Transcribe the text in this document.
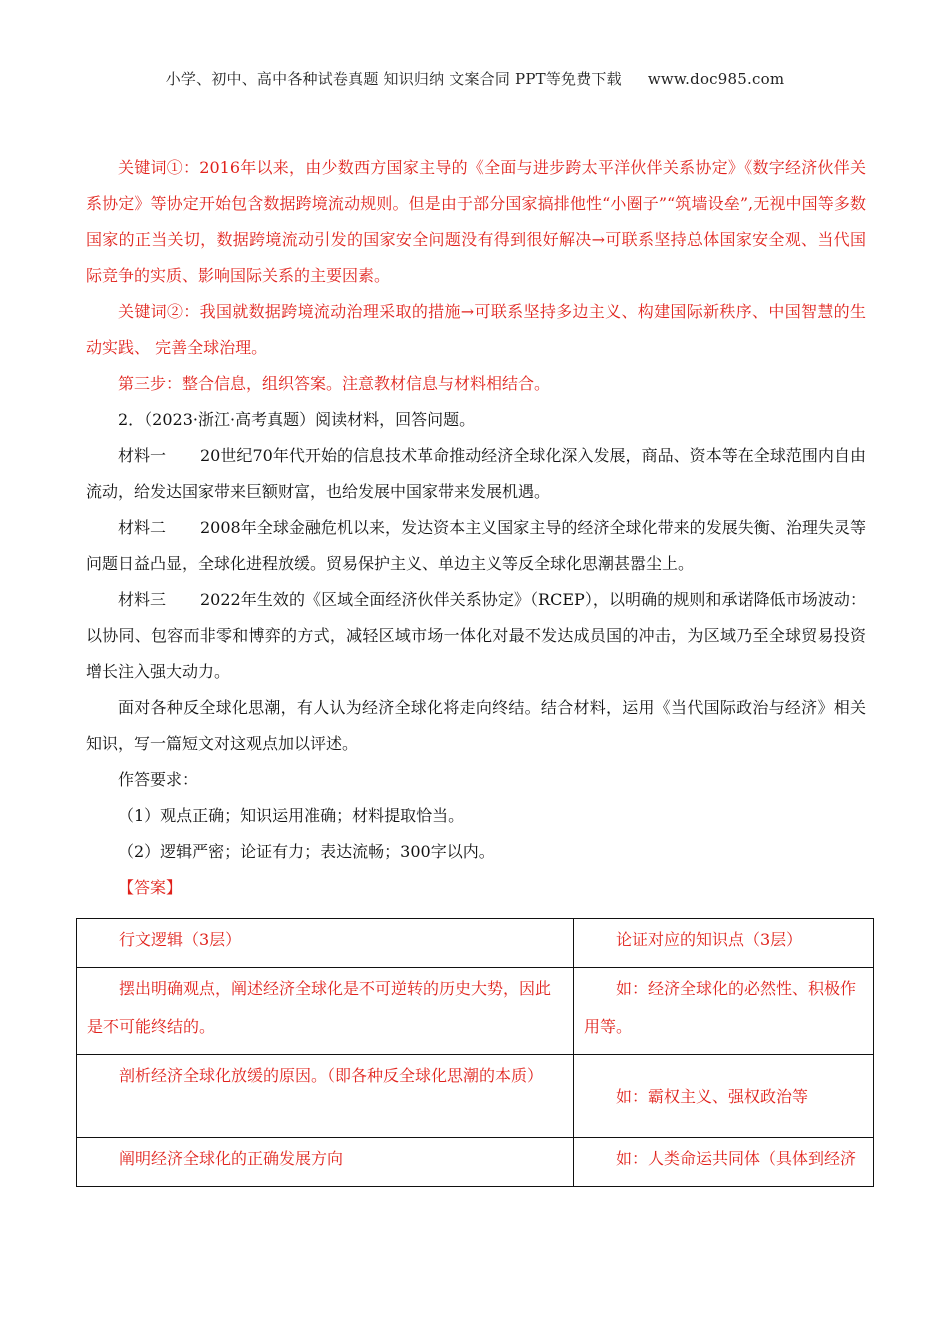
小学、初中、高中各种试卷真题 知识归纳 文案合同 PPT等免费下载 www.doc985.com

关键词①：2016年以来，由少数西方国家主导的《全面与进步跨太平洋伙伴关系协定》《数字经济伙伴关系协定》等协定开始包含数据跨境流动规则。但是由于部分国家搞排他性“小圈子”“筑墙设垒”,无视中国等多数国家的正当关切，数据跨境流动引发的国家安全问题没有得到很好解决→可联系坚持总体国家安全观、当代国际竞争的实质、影响国际关系的主要因素。

关键词②：我国就数据跨境流动治理采取的措施→可联系坚持多边主义、构建国际新秩序、中国智慧的生动实践、 完善全球治理。

第三步：整合信息，组织答案。注意教材信息与材料相结合。

2．（2023·浙江·高考真题）阅读材料，回答问题。

材料一 20世纪70年代开始的信息技术革命推动经济全球化深入发展，商品、资本等在全球范围内自由流动，给发达国家带来巨额财富，也给发展中国家带来发展机遇。

材料二 2008年全球金融危机以来，发达资本主义国家主导的经济全球化带来的发展失衡、治理失灵等问题日益凸显，全球化进程放缓。贸易保护主义、单边主义等反全球化思潮甚嚣尘上。

材料三 2022年生效的《区域全面经济伙伴关系协定》（RCEP），以明确的规则和承诺降低市场波动：以协同、包容而非零和博弈的方式，减轻区域市场一体化对最不发达成员国的冲击，为区域乃至全球贸易投资增长注入强大动力。

面对各种反全球化思潮，有人认为经济全球化将走向终结。结合材料，运用《当代国际政治与经济》相关知识，写一篇短文对这观点加以评述。

作答要求：

（1）观点正确；知识运用准确；材料提取恰当。

（2）逻辑严密；论证有力；表达流畅；300字以内。

【答案】

行文逻辑（3层）	论证对应的知识点（3层）

摆出明确观点，阐述经济全球化是不可逆转的历史大势，因此是不可能终结的。	如：经济全球化的必然性、积极作用等。

剖析经济全球化放缓的原因。（即各种反全球化思潮的本质）	如：霸权主义、强权政治等

阐明经济全球化的正确发展方向	如：人类命运共同体（具体到经济
